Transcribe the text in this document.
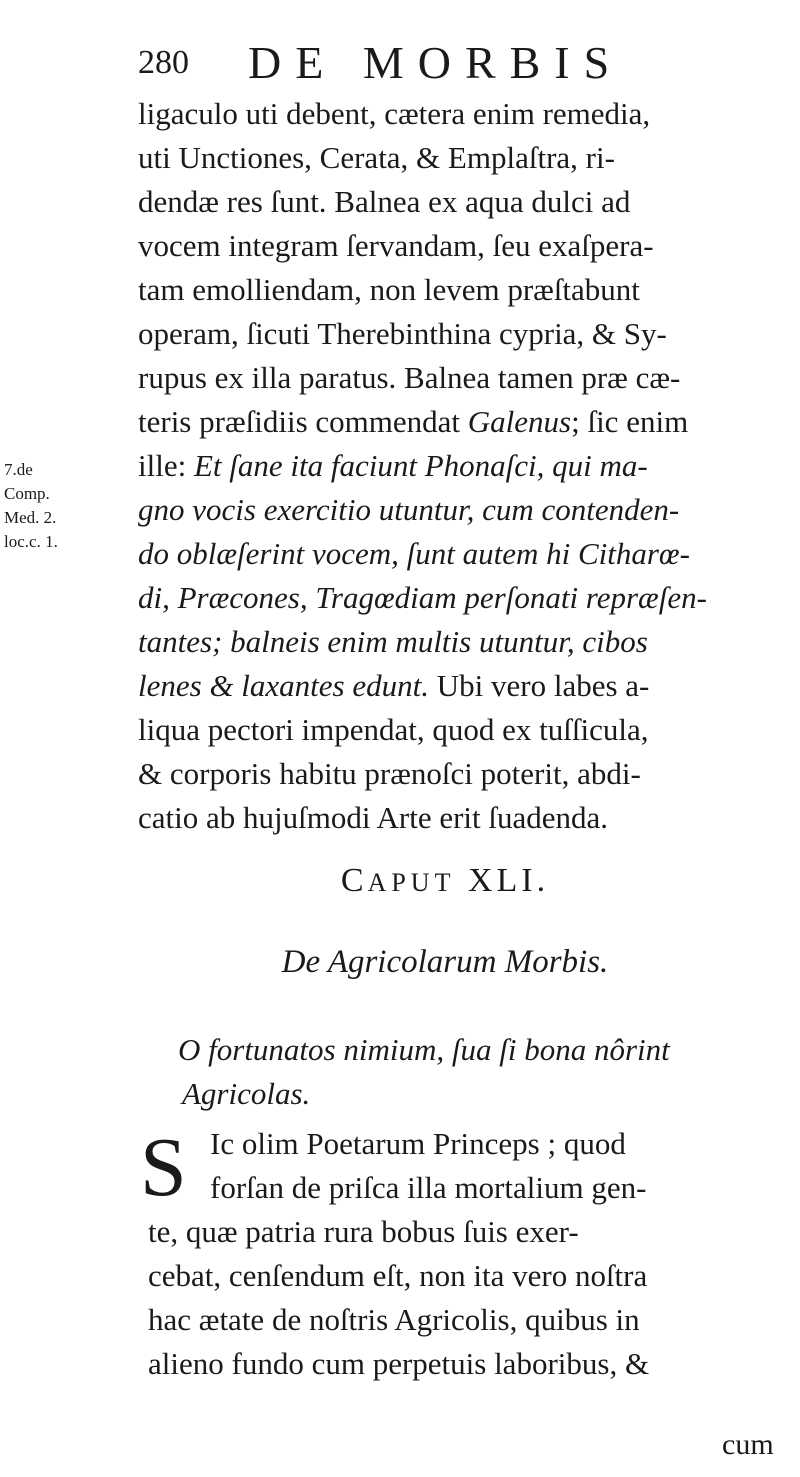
280 DE MORBIS
7.de
Comp.
Med. 2.
loc.c. 1.
ligaculo uti debent, cætera enim remedia,
uti Unctiones, Cerata, & Emplaſtra, ri-
dendæ res ſunt. Balnea ex aqua dulci ad
vocem integram ſervandam, ſeu exaſpera-
tam emolliendam, non levem præſtabunt
operam, ſicuti Therebinthina cypria, & Sy-
rupus ex illa paratus. Balnea tamen præ cæ-
teris præſidiis commendat Galenus; ſic enim
ille: Et ſane ita faciunt Phonaſci, qui ma-
gno vocis exercitio utuntur, cum contenden-
do oblæſerint vocem, ſunt autem hi Citharœ-
di, Præcones, Tragœdiam perſonati repræſen-
tantes; balneis enim multis utuntur, cibos
lenes & laxantes edunt. Ubi vero labes a-
liqua pectori impendat, quod ex tuſſicula,
& corporis habitu prænoſci poterit, abdi-
catio ab hujuſmodi Arte erit ſuadenda.
CAPUT XLI.
De Agricolarum Morbis.
O fortunatos nimium, ſua ſi bona nôrint
Agricolas.
S Ic olim Poetarum Princeps ; quod
forſan de priſca illa mortalium gen-
te, quæ patria rura bobus ſuis exer-
cebat, cenſendum eſt, non ita vero noſtra
hac ætate de noſtris Agricolis, quibus in
alieno fundo cum perpetuis laboribus, &
cum
